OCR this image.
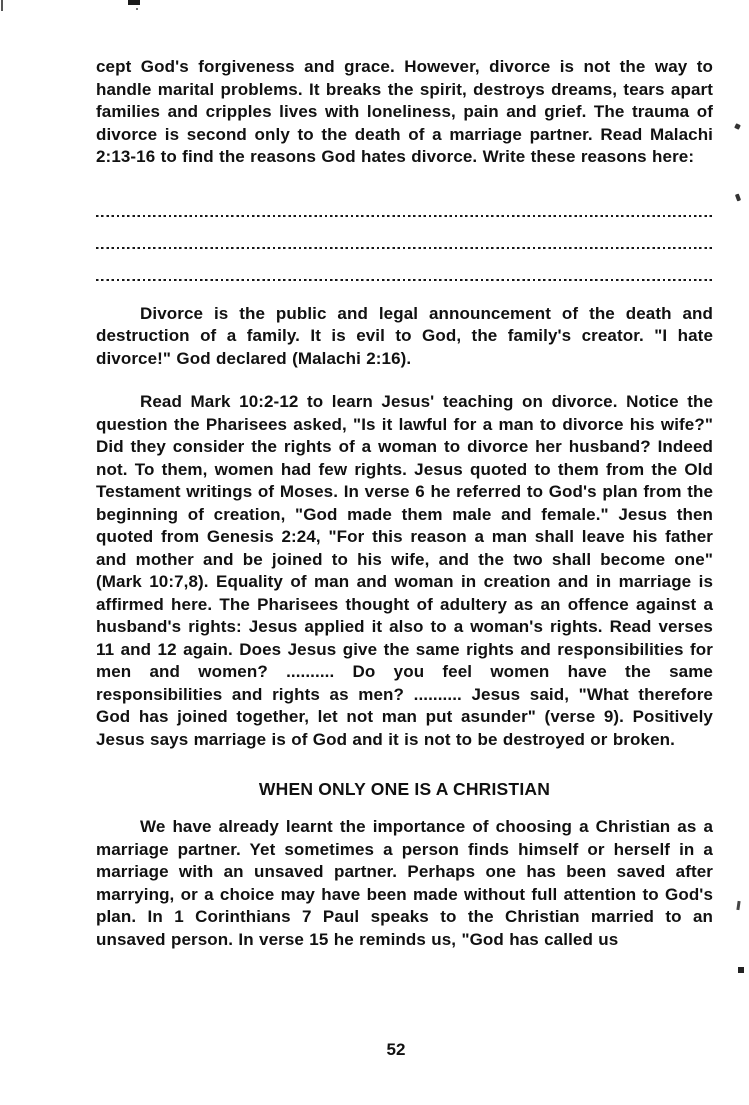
cept God's forgiveness and grace. However, divorce is not the way to handle marital problems. It breaks the spirit, destroys dreams, tears apart families and cripples lives with loneliness, pain and grief. The trauma of divorce is second only to the death of a marriage partner. Read Malachi 2:13-16 to find the reasons God hates divorce. Write these reasons here:

Divorce is the public and legal announcement of the death and destruction of a family. It is evil to God, the family's creator. "I hate divorce!" God declared (Malachi 2:16).

Read Mark 10:2-12 to learn Jesus' teaching on divorce. Notice the question the Pharisees asked, "Is it lawful for a man to divorce his wife?" Did they consider the rights of a woman to divorce her husband? Indeed not. To them, women had few rights. Jesus quoted to them from the Old Testament writings of Moses. In verse 6 he referred to God's plan from the beginning of creation, "God made them male and female." Jesus then quoted from Genesis 2:24, "For this reason a man shall leave his father and mother and be joined to his wife, and the two shall become one" (Mark 10:7,8). Equality of man and woman in creation and in marriage is affirmed here. The Pharisees thought of adultery as an offence against a husband's rights: Jesus applied it also to a woman's rights. Read verses 11 and 12 again. Does Jesus give the same rights and responsibilities for men and women? .......... Do you feel women have the same responsibilities and rights as men? .......... Jesus said, "What therefore God has joined together, let not man put asunder" (verse 9). Positively Jesus says marriage is of God and it is not to be destroyed or broken.

WHEN ONLY ONE IS A CHRISTIAN

We have already learnt the importance of choosing a Christian as a marriage partner. Yet sometimes a person finds himself or herself in a marriage with an unsaved partner. Perhaps one has been saved after marrying, or a choice may have been made without full attention to God's plan. In 1 Corinthians 7 Paul speaks to the Christian married to an unsaved person. In verse 15 he reminds us, "God has called us

52
